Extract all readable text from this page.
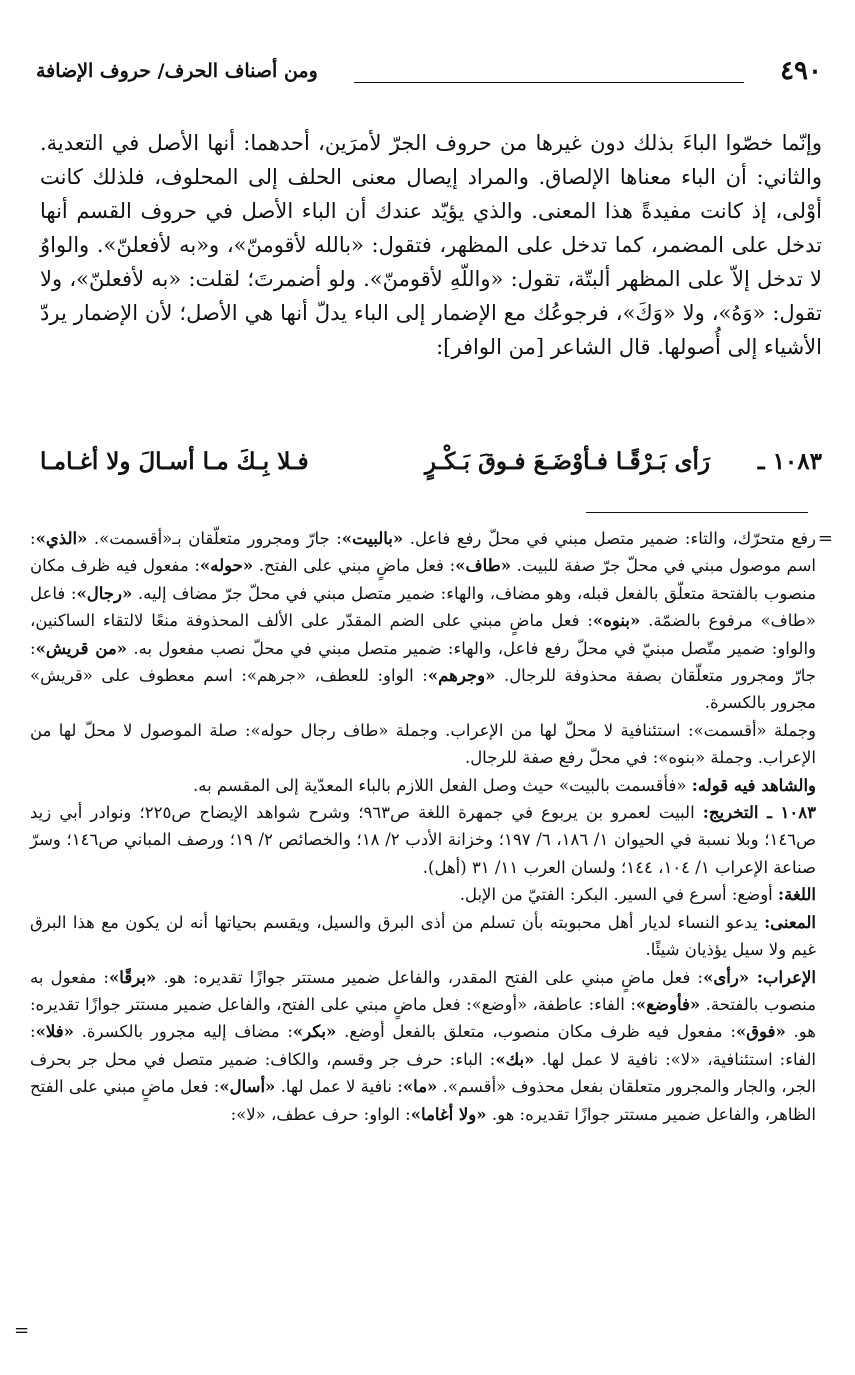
٤٩٠
ومن أصناف الحرف/ حروف الإضافة

وإنّما خصّوا الباءَ بذلك دون غيرها من حروف الجرّ لأمرَين، أحدهما: أنها الأصل في التعدية. والثاني: أن الباء معناها الإلصاق. والمراد إيصال معنى الحلف إلى المحلوف، فلذلك كانت أوْلى، إذ كانت مفيدةً هذا المعنى. والذي يؤيّد عندك أن الباء الأصل في حروف القسم أنها تدخل على المضمر، كما تدخل على المظهر، فتقول: «بالله لأقومنّ»، و«به لأفعلنّ». والواوُ لا تدخل إلاّ على المظهر ألبتّة، تقول: «واللّهِ لأقومنّ». ولو أضمرتَ؛ لقلت: «به لأفعلنّ»، ولا تقول: «وَهُ»، ولا «وَكَ»، فرجوعُك مع الإضمار إلى الباء يدلّ أنها هي الأصل؛ لأن الإضمار يردّ الأشياء إلى أُصولها. قال الشاعر [من الوافر]:

١٠٨٣ ـ
رَأى بَـرْقًـا فـأوْضَـعَ فـوقَ بَـكْـرٍ
فـلا بِـكَ مـا أسـالَ ولا أغـامـا
=

رفع متحرّك، والتاء: ضمير متصل مبني في محلّ رفع فاعل. «بالبيت»: جارّ ومجرور متعلّقان بـ«أقسمت». «الذي»: اسم موصول مبني في محلّ جرّ صفة للبيت. «طاف»: فعل ماضٍ مبني على الفتح. «حوله»: مفعول فيه ظرف مكان منصوب بالفتحة متعلّق بالفعل قبله، وهو مضاف، والهاء: ضمير متصل مبني في محلّ جرّ مضاف إليه. «رجال»: فاعل «طاف» مرفوع بالضمّة. «بنوه»: فعل ماضٍ مبني على الضم المقدّر على الألف المحذوفة منعًا لالتقاء الساكنين، والواو: ضمير متّصل مبنيّ في محلّ رفع فاعل، والهاء: ضمير متصل مبني في محلّ نصب مفعول به. «من قريش»: جارّ ومجرور متعلّقان بصفة محذوفة للرجال. «وجرهم»: الواو: للعطف، «جرهم»: اسم معطوف على «قريش» مجرور بالكسرة.

وجملة «أقسمت»: استئنافية لا محلّ لها من الإعراب. وجملة «طاف رجال حوله»: صلة الموصول لا محلّ لها من الإعراب. وجملة «بنوه»: في محلّ رفع صفة للرجال.

والشاهد فيه قوله: «فأقسمت بالبيت» حيث وصل الفعل اللازم بالباء المعدّية إلى المقسم به.

١٠٨٣ ـ التخريج: البيت لعمرو بن يربوع في جمهرة اللغة ص٩٦٣؛ وشرح شواهد الإيضاح ص٢٢٥؛ ونوادر أبي زيد ص١٤٦؛ وبلا نسبة في الحيوان ١/ ١٨٦، ٦/ ١٩٧؛ وخزانة الأدب ٢/ ١٨؛ والخصائص ٢/ ١٩؛ ورصف المباني ص١٤٦؛ وسرّ صناعة الإعراب ١/ ١٠٤، ١٤٤؛ ولسان العرب ١١/ ٣١ (أهل).

اللغة: أوضع: أسرع في السير. البكر: الفتيّ من الإبل.

المعنى: يدعو النساء لديار أهل محبوبته بأن تسلم من أذى البرق والسيل، ويقسم بحياتها أنه لن يكون مع هذا البرق غيم ولا سيل يؤذيان شيئًا.

الإعراب: «رأى»: فعل ماضٍ مبني على الفتح المقدر، والفاعل ضمير مستتر جوازًا تقديره: هو. «برقًا»: مفعول به منصوب بالفتحة. «فأوضع»: الفاء: عاطفة، «أوضع»: فعل ماضٍ مبني على الفتح، والفاعل ضمير مستتر جوازًا تقديره: هو. «فوق»: مفعول فيه ظرف مكان منصوب، متعلق بالفعل أوضع. «بكر»: مضاف إليه مجرور بالكسرة. «فلا»: الفاء: استئنافية، «لا»: نافية لا عمل لها. «بك»: الباء: حرف جر وقسم، والكاف: ضمير متصل في محل جر بحرف الجر، والجار والمجرور متعلقان بفعل محذوف «أقسم». «ما»: نافية لا عمل لها. «أسال»: فعل ماضٍ مبني على الفتح الظاهر، والفاعل ضمير مستتر جوازًا تقديره: هو. «ولا أغاما»: الواو: حرف عطف، «لا»:

=
